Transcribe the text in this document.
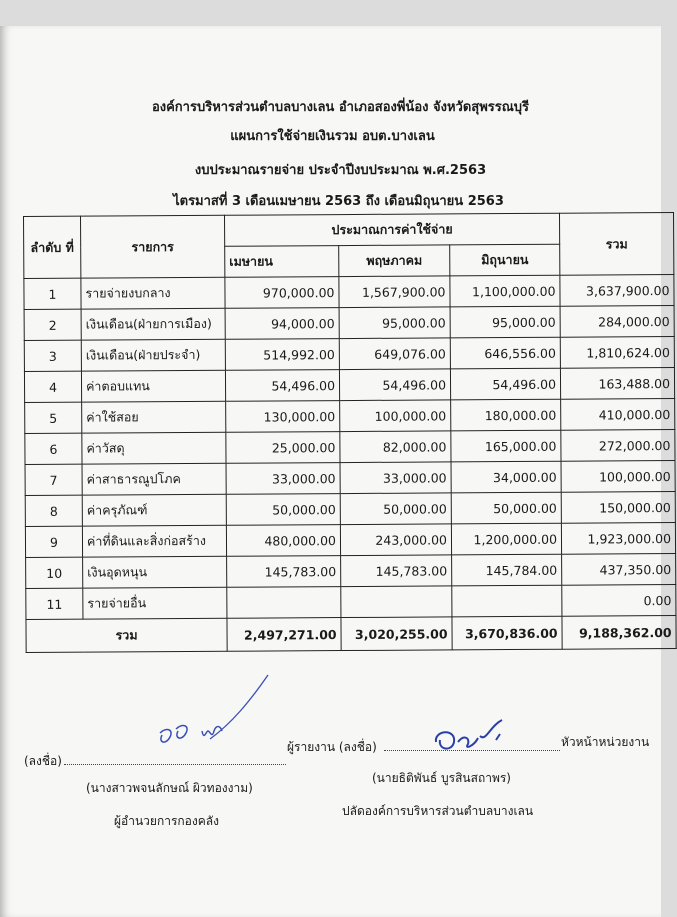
องค์การบริหารส่วนตำบลบางเลน อำเภอสองพี่น้อง จังหวัดสุพรรณบุรี
แผนการใช้จ่ายเงินรวม อบต.บางเลน
งบประมาณรายจ่าย ประจำปีงบประมาณ พ.ศ.2563
ไตรมาสที่ 3 เดือนเมษายน 2563 ถึง เดือนมิถุนายน 2563
ลำดับ ที่	รายการ	ประมาณการค่าใช้จ่าย			รวม
		เมษายน	พฤษภาคม	มิถุนายน	
1	รายจ่ายงบกลาง	970,000.00	1,567,900.00	1,100,000.00	3,637,900.00
2	เงินเดือน(ฝ่ายการเมือง)	94,000.00	95,000.00	95,000.00	284,000.00
3	เงินเดือน(ฝ่ายประจำ)	514,992.00	649,076.00	646,556.00	1,810,624.00
4	ค่าตอบแทน	54,496.00	54,496.00	54,496.00	163,488.00
5	ค่าใช้สอย	130,000.00	100,000.00	180,000.00	410,000.00
6	ค่าวัสดุ	25,000.00	82,000.00	165,000.00	272,000.00
7	ค่าสาธารณูปโภค	33,000.00	33,000.00	34,000.00	100,000.00
8	ค่าครุภัณฑ์	50,000.00	50,000.00	50,000.00	150,000.00
9	ค่าที่ดินและสิ่งก่อสร้าง	480,000.00	243,000.00	1,200,000.00	1,923,000.00
10	เงินอุดหนุน	145,783.00	145,783.00	145,784.00	437,350.00
11	รายจ่ายอื่น				0.00
รวม		2,497,271.00	3,020,255.00	3,670,836.00	9,188,362.00
(ลงชื่อ)
ผู้รายงาน (ลงชื่อ)	หัวหน้าหน่วยงาน
(นางสาวพจนลักษณ์ ผิวทองงาม)
ผู้อำนวยการกองคลัง
(นายธิติพันธ์ บูรสินสถาพร)
ปลัดองค์การบริหารส่วนตำบลบางเลน
